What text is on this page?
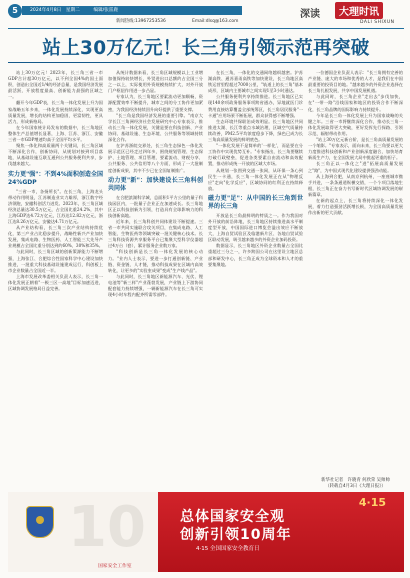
5	2024年4月8日　星期二　　　编辑/张雷鹿
新闻热线:13967253536　　　　　　Email:dlsq@163.com
深读	大理时讯
DALI SHIXUN
站上30万亿元！长三角引领示范再突破

站上30万亿元！2023年，长三角三省一市GDP合计超30万亿元，以不到全国4%的国土面积，创造出全国近1/4的经济总量，是我国经济发展最活跃、开放程度最高、创新能力最强的区域之一。

翻开今年GDP表，长三角一体化发展上升为国家战略五年多来，一体化发展持续深化，实现更高质量发展，增长的结构更加稳固，更富韧性，更具活力，形成新格局。

在今年国家统计局发布的数据中，长三角地区整体生产总值增长显著，上海、江苏、浙江、安徽三省一市GDP增速均高于全国平均水平。

聚焦一体化和高质量两个关键词，长三角区域不断深化合作，创新协同，从规划对接到项目落地，从基础设施互联互通到公共服务便利共享，步伐越来越大。

实力更"强"：不到4%面积创造全国24%GDP

"三省一市，各扬所长"。在长三角，上海龙头带动作用明显，江苏制造业实力雄厚，浙江数字经济领跑，安徽科创活力迸发。2023年，长三角区域经济总量达30.5万亿元，占全国比重24.2%，其中上海GDP达4.72万亿元，江苏达12.82万亿元，浙江达8.26万亿元，安徽达4.71万亿元。

从产业结构看，长三角三次产业结构持续优化，第三产业占比稳步提升，战略性新兴产业加快发展，集成电路、生物医药、人工智能三大先导产业规模占全国比重分别达到约60%、30%和35%。

与此同时，长三角区域的创新策源能力不断增强，上海张江、合肥综合性国家科学中心建设加快推进，一批重大科技基础设施建成运行，科创板上市企业数量占全国近一半。

上海市发展改革委相关负责人表示，长三角一体化发展正朝着"一极三区一高地"目标加速迈进，区域协调发展格局日益完善。

从统计数据来看，长三角区域规模以上工业增加值保持较快增长，外贸进出口总额约占全国三分之一以上，实际使用外资规模持续扩大，对外开放门户枢纽作用进一步凸显。

专家认为，长三角地区要素流动更加顺畅，资源配置效率不断提升，城市之间的分工协作更加紧密，为我国经济持续回升向好提供了重要支撑。

"长三角是我国经济发展的重要引擎。"南京大学长江三角洲经济社会发展研究中心专家表示，推动长三角一体化发展，关键是要在科技创新、产业协同、基础设施、生态环境、公共服务等领域持续深化合作。

在沪苏浙皖交界处，长三角生态绿色一体化发展示范区已经走过四年多，围绕规划管理、生态保护、土地管理、项目管理、要素流动、财税分享、公共服务、公共信用等八个方面，形成了一大批制度创新成果，其中不少已在全国复制推广。

动力更"新"：加快建设长三角科创共同体

在合肥滨湖科学城，总面积1平方公里的量子科技园区内，一批量子企业正在加速成长。长三角地区正以科技创新为引领，打造具有全球影响力的科技创新高地。

近年来，长三角科创共同体建设不断提速。三省一市共同实施联合攻关项目，在集成电路、人工智能、生物医药等领域突破一批关键核心技术。长三角科技资源共享服务平台已集聚大型科学仪器超过4万台（套），累计服务企业数万家。

"科技创新是长三角一体化发展的核心动力。"业内人士表示，要进一步打通创新链、产业链、资金链、人才链，推动科技成果在区域内高效转化，让更多的"实验室成果"变成"生产线产品"。

与此同时，长三角地区新能源汽车、光伏、锂电池等"新三样"产业蓬勃发展，产业链上下游协同配套能力持续增强，一辆新能源汽车在长三角可实现4小时车程内配齐所需零部件。

在长三角，一体化的交通网络越织越密。沪苏湖高铁、通苏嘉甬高铁等加快建设，长三角地区高铁运营里程超过7000公里，"轨道上的长三角"基本成形，区域内主要城市之间实现1至3小时通达。

公共服务便利共享持续推进。长三角地区已实现140余项政务服务事项跨省通办，异地就医门诊费用直接结算覆盖全部统筹区，长三角居民服务"一卡通"应用场景不断拓展，群众获得感不断增强。

生态环境共保联治成效明显。长三角地区共同推进太湖、长江等重点水域治理，区域空气质量持续改善，PM2.5平均浓度稳步下降，绿色已成为长三角高质量发展的鲜明底色。

"一体化发展不是简单的'一样化'，而是要在分工协作中实现优势互补。"专家指出，长三角要继续打破行政壁垒，促进各类要素自由流动和高效配置，推动形成统一开放的区域大市场。

从规划一张图到交通一张网，从环保一条心到民生一卡通，长三角一体化发展正在从"物理反应"走向"化学反应"，区域协同的红利正在持续释放。

磁力更"足"：从中国的长三角到世界的长三角

开放是长三角最鲜明的特质之一。作为我国对外开放的前沿阵地，长三角地区持续推进高水平制度型开放，中国国际进口博览会溢出效应不断放大，上海自贸试验区及临港新片区、各地自贸试验区联动发展，吸引越来越多的外资企业加码投资。

数据显示，长三角地区外资企业数量占全国比重超过三分之一，许多跨国公司在这里设立地区总部和研发中心，长三角正成为全球资本和人才的重要集聚地。

一位德国企业负责人表示："长三角拥有完善的产业链、庞大的市场和优秀的人才，是我们在中国最重要的投资目的地。"越来越多的外资企业选择在长三角扎根发展，共享中国发展机遇。

与此同时，长三角企业"走出去"步伐加快，在"一带一路"沿线国家和地区的投资合作不断深化，长三角品牌的国际影响力持续提升。

今年是长三角一体化发展上升为国家战略的关键之年。三省一市将继续深化合作，推动长三角一体化发展取得更大突破，更好发挥先行探路、引领示范、辐射带动作用。

"站上30万亿元新台阶，是长三角高质量发展的一个缩影。"专家表示，面向未来，长三角要以更大力度推进科技创新和产业创新深度融合，加快培育新质生产力，在全国发展大局中挑起更重的担子。

长三角正以一体化之"进"拓展高质量发展之"路"，为中国式现代化建设提供强劲动能。

从上海到合肥，从南京到杭州，一座座城市携手并进，一条条通道纵横交错，一个个项目落地生根，长三角正在奋力书写新时代区域协调发展的崭新篇章。

在新的起点上，长三角将持续深化一体化发展，着力打造强劲活跃增长极，为全国高质量发展作出新的更大贡献。

10	4·15
总体国家安全观
创新引领10周年
4·15 全国国家安全教育日
国家安全工作室
新华社记者　 许晓青 何欣荣 吴帅帅
（转载自4月3日《大理日报》）
